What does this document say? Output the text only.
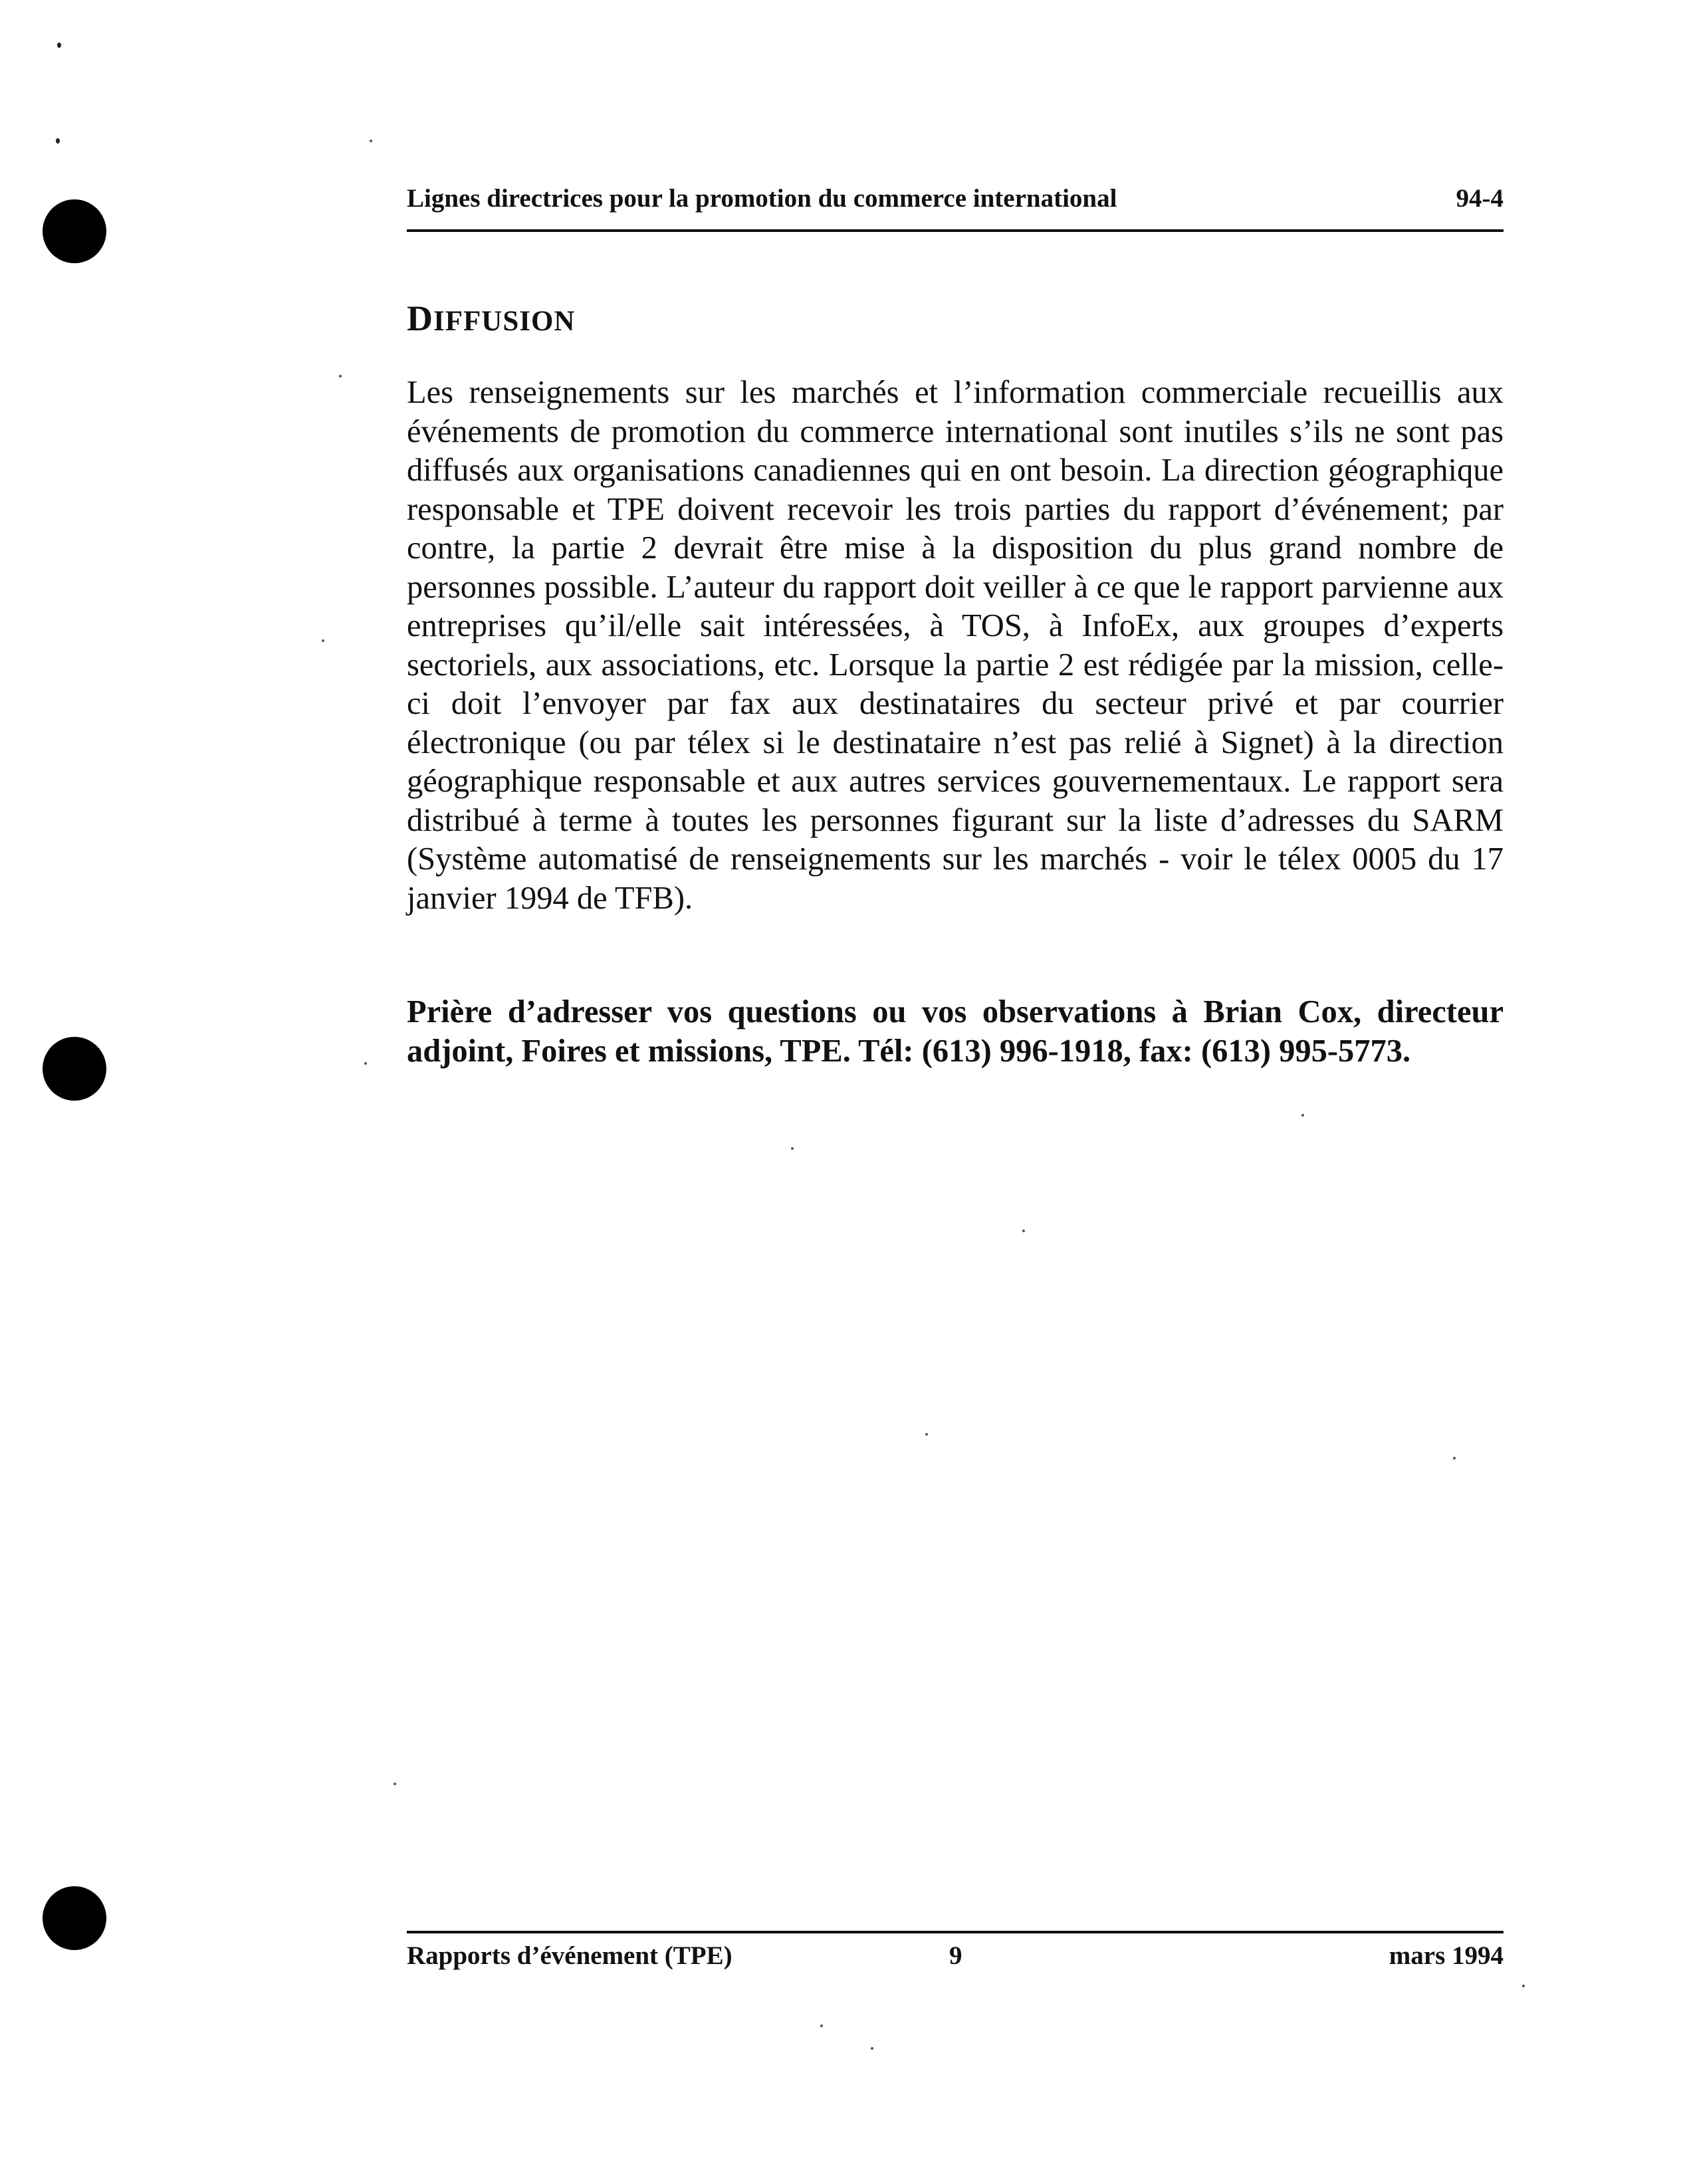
Lignes directrices pour la promotion du commerce international	94-4
DIFFUSION

Les renseignements sur les marchés et l’information commerciale recueillis aux événements de promotion du commerce international sont inutiles s’ils ne sont pas diffusés aux organisations canadiennes qui en ont besoin. La direction géographique responsable et TPE doivent recevoir les trois parties du rapport d’événement; par contre, la partie 2 devrait être mise à la disposition du plus grand nombre de personnes possible. L’auteur du rapport doit veiller à ce que le rapport parvienne aux entreprises qu’il/elle sait intéressées, à TOS, à InfoEx, aux groupes d’experts sectoriels, aux associations, etc. Lorsque la partie 2 est rédigée par la mission, celle-ci doit l’envoyer par fax aux destinataires du secteur privé et par courrier électronique (ou par télex si le destinataire n’est pas relié à Signet) à la direction géographique responsable et aux autres services gouvernementaux. Le rapport sera distribué à terme à toutes les personnes figurant sur la liste d’adresses du SARM (Système automatisé de renseignements sur les marchés - voir le télex 0005 du 17 janvier 1994 de TFB).

Prière d’adresser vos questions ou vos observations à Brian Cox, directeur adjoint, Foires et missions, TPE. Tél: (613) 996-1918, fax: (613) 995-5773.

Rapports d’événement (TPE)	9	mars 1994
